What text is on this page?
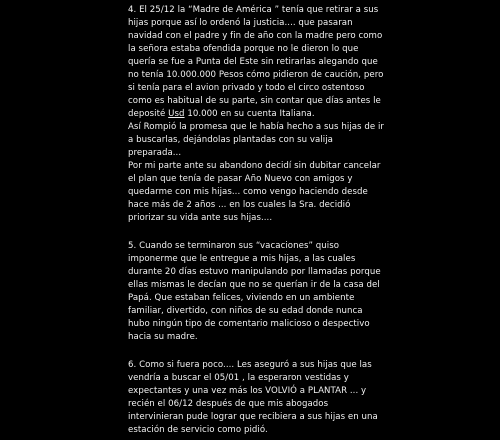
4. El 25/12 la “Madre de América ” tenía que retirar a sus
hijas porque así lo ordenó la justicia.... que pasaran
navidad con el padre y fin de año con la madre pero como
la señora estaba ofendida porque no le dieron lo que
quería se fue a Punta del Este sin retirarlas alegando que
no tenía 10.000.000 Pesos cómo pidieron de caución, pero
si tenía para el avion privado y todo el circo ostentoso
como es habitual de su parte, sin contar que días antes le
deposité Usd 10.000 en su cuenta Italiana.
Así Rompió la promesa que le había hecho a sus hijas de ir
a buscarlas, dejándolas plantadas con su valija
preparada...
Por mi parte ante su abandono decidí sin dubitar cancelar
el plan que tenía de pasar Año Nuevo con amigos y
quedarme con mis hijas... como vengo haciendo desde
hace más de 2 años ... en los cuales la Sra. decidió
priorizar su vida ante sus hijas....
5. Cuando se terminaron sus “vacaciones” quiso
imponerme que le entregue a mis hijas, a las cuales
durante 20 días estuvo manipulando por llamadas porque
ellas mismas le decían que no se querían ir de la casa del
Papá. Que estaban felices, viviendo en un ambiente
familiar, divertido, con niños de su edad donde nunca
hubo ningún tipo de comentario malicioso o despectivo
hacia su madre.
6. Como si fuera poco.... Les aseguró a sus hijas que las
vendría a buscar el 05/01 , la esperaron vestidas y
expectantes y una vez más los VOLVIÓ a PLANTAR ... y
recién el 06/12 después de que mis abogados
intervinieran pude lograr que recibiera a sus hijas en una
estación de servicio como pidió.
